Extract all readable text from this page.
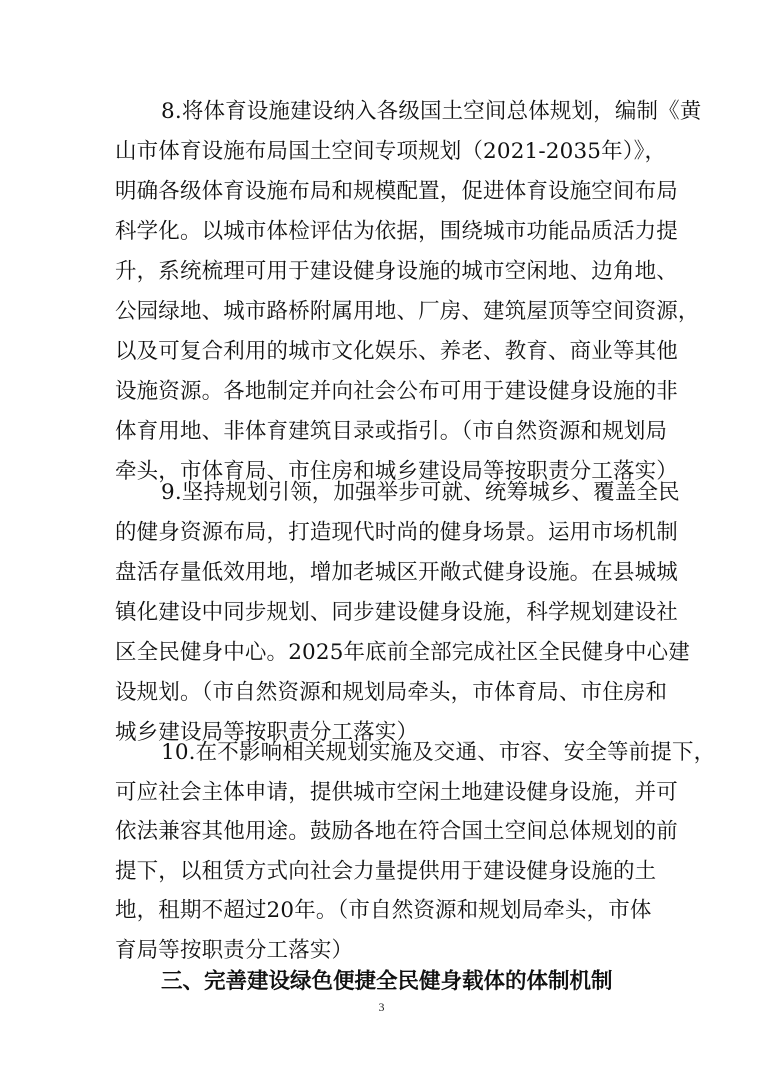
8.将体育设施建设纳入各级国土空间总体规划，编制《黄
山市体育设施布局国土空间专项规划（2021-2035年）》，
明确各级体育设施布局和规模配置，促进体育设施空间布局
科学化。以城市体检评估为依据，围绕城市功能品质活力提
升，系统梳理可用于建设健身设施的城市空闲地、边角地、
公园绿地、城市路桥附属用地、厂房、建筑屋顶等空间资源，
以及可复合利用的城市文化娱乐、养老、教育、商业等其他
设施资源。各地制定并向社会公布可用于建设健身设施的非
体育用地、非体育建筑目录或指引。（市自然资源和规划局
牵头，市体育局、市住房和城乡建设局等按职责分工落实）
9.坚持规划引领，加强举步可就、统筹城乡、覆盖全民
的健身资源布局，打造现代时尚的健身场景。运用市场机制
盘活存量低效用地，增加老城区开敞式健身设施。在县城城
镇化建设中同步规划、同步建设健身设施，科学规划建设社
区全民健身中心。2025年底前全部完成社区全民健身中心建
设规划。（市自然资源和规划局牵头，市体育局、市住房和
城乡建设局等按职责分工落实）
10.在不影响相关规划实施及交通、市容、安全等前提下，
可应社会主体申请，提供城市空闲土地建设健身设施，并可
依法兼容其他用途。鼓励各地在符合国土空间总体规划的前
提下，以租赁方式向社会力量提供用于建设健身设施的土
地，租期不超过20年。（市自然资源和规划局牵头，市体
育局等按职责分工落实）
三、完善建设绿色便捷全民健身载体的体制机制
3
